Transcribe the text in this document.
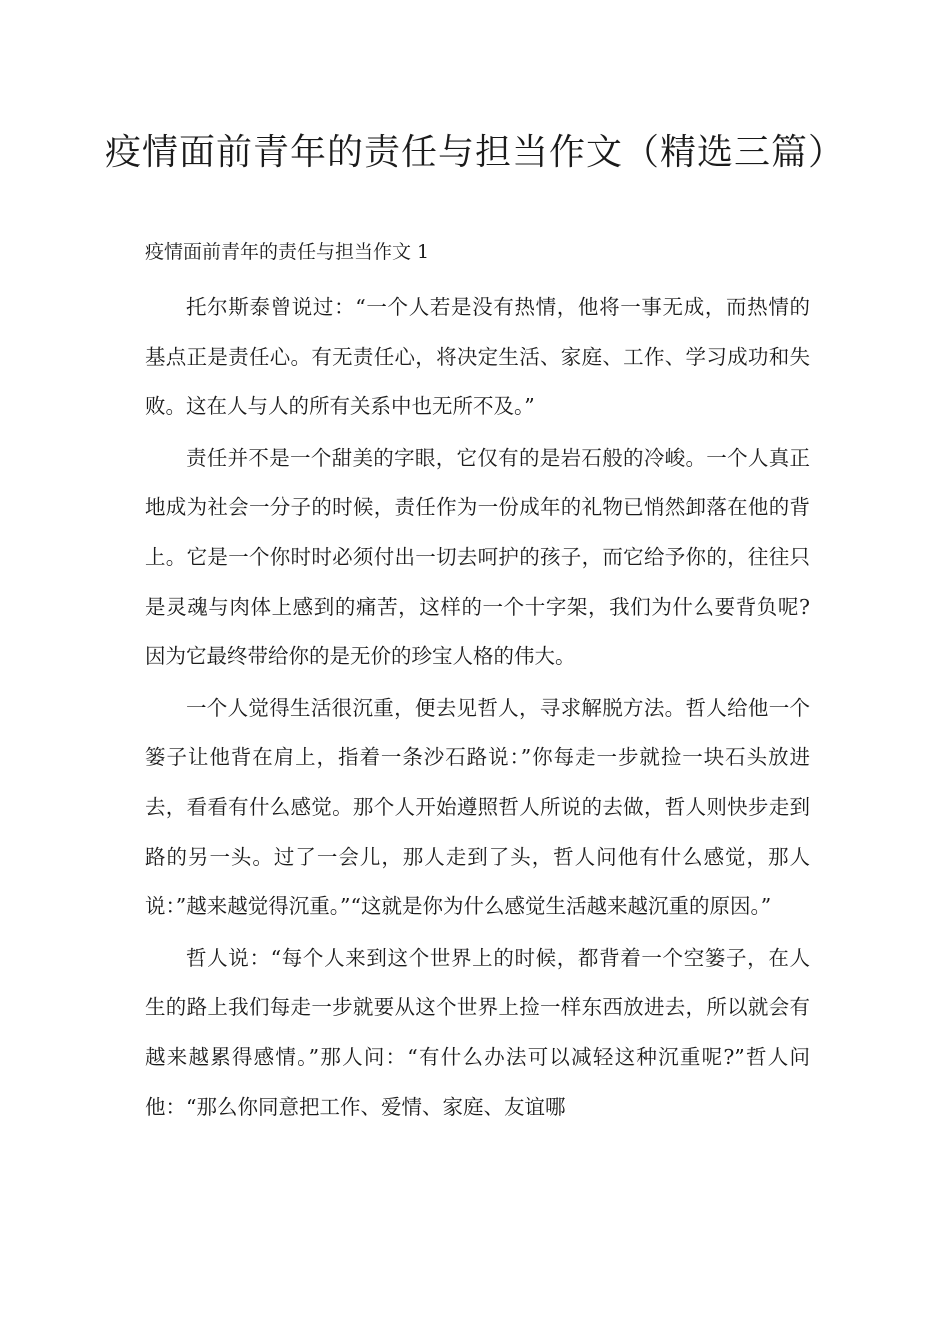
疫情面前青年的责任与担当作文（精选三篇）
疫情面前青年的责任与担当作文 1

托尔斯泰曾说过：“一个人若是没有热情，他将一事无成，而热情的基点正是责任心。有无责任心，将决定生活、家庭、工作、学习成功和失败。这在人与人的所有关系中也无所不及。”

责任并不是一个甜美的字眼，它仅有的是岩石般的冷峻。一个人真正地成为社会一分子的时候，责任作为一份成年的礼物已悄然卸落在他的背上。它是一个你时时必须付出一切去呵护的孩子，而它给予你的，往往只是灵魂与肉体上感到的痛苦，这样的一个十字架，我们为什么要背负呢?因为它最终带给你的是无价的珍宝人格的伟大。

一个人觉得生活很沉重，便去见哲人，寻求解脱方法。哲人给他一个篓子让他背在肩上，指着一条沙石路说：”你每走一步就捡一块石头放进去，看看有什么感觉。那个人开始遵照哲人所说的去做，哲人则快步走到路的另一头。过了一会儿，那人走到了头，哲人问他有什么感觉，那人说：”越来越觉得沉重。”“这就是你为什么感觉生活越来越沉重的原因。”

哲人说：“每个人来到这个世界上的时候，都背着一个空篓子，在人生的路上我们每走一步就要从这个世界上捡一样东西放进去，所以就会有越来越累得感情。”那人问：“有什么办法可以减轻这种沉重呢?”哲人问他：“那么你同意把工作、爱情、家庭、友谊哪
